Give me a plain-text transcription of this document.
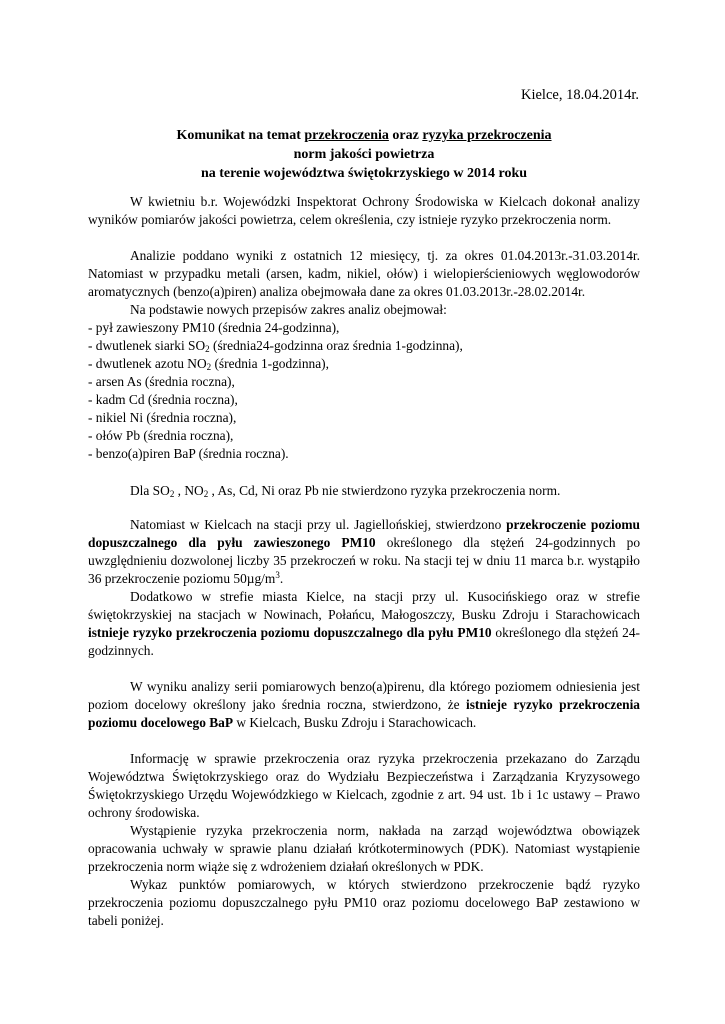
Kielce, 18.04.2014r.
Komunikat na temat przekroczenia oraz ryzyka przekroczenia
norm jakości powietrza
na terenie województwa świętokrzyskiego w 2014 roku

W kwietniu b.r. Wojewódzki Inspektorat Ochrony Środowiska w Kielcach dokonał analizy wyników pomiarów jakości powietrza, celem określenia, czy istnieje ryzyko przekroczenia norm.

Analizie poddano wyniki z ostatnich 12 miesięcy, tj. za okres 01.04.2013r.-31.03.2014r. Natomiast w przypadku metali (arsen, kadm, nikiel, ołów) i wielopierścieniowych węglowodorów aromatycznych (benzo(a)piren) analiza obejmowała dane za okres 01.03.2013r.-28.02.2014r.

Na podstawie nowych przepisów zakres analiz obejmował:

- pył zawieszony PM10 (średnia 24-godzinna),
- dwutlenek siarki $SO_2$ (średnia24-godzinna oraz średnia 1-godzinna),
- dwutlenek azotu $NO_2$ (średnia 1-godzinna),
- arsen As (średnia roczna),
- kadm Cd (średnia roczna),
- nikiel Ni (średnia roczna),
- ołów Pb (średnia roczna),
- benzo(a)piren BaP (średnia roczna).

Dla $SO_2$ , $NO_2$ , As, Cd, Ni oraz Pb nie stwierdzono ryzyka przekroczenia norm.

Natomiast w Kielcach na stacji przy ul. Jagiellońskiej, stwierdzono przekroczenie poziomu dopuszczalnego dla pyłu zawieszonego PM10 określonego dla stężeń 24-godzinnych po uwzględnieniu dozwolonej liczby 35 przekroczeń w roku. Na stacji tej w dniu 11 marca b.r. wystąpiło 36 przekroczenie poziomu $50\mu g/m^3$.

Dodatkowo w strefie miasta Kielce, na stacji przy ul. Kusocińskiego oraz w strefie świętokrzyskiej na stacjach w Nowinach, Połańcu, Małogoszczy, Busku Zdroju i Starachowicach istnieje ryzyko przekroczenia poziomu dopuszczalnego dla pyłu PM10 określonego dla stężeń 24-godzinnych.

W wyniku analizy serii pomiarowych benzo(a)pirenu, dla którego poziomem odniesienia jest poziom docelowy określony jako średnia roczna, stwierdzono, że istnieje ryzyko przekroczenia poziomu docelowego BaP w Kielcach, Busku Zdroju i Starachowicach.

Informację w sprawie przekroczenia oraz ryzyka przekroczenia przekazano do Zarządu Województwa Świętokrzyskiego oraz do Wydziału Bezpieczeństwa i Zarządzania Kryzysowego Świętokrzyskiego Urzędu Wojewódzkiego w Kielcach, zgodnie z art. 94 ust. 1b i 1c ustawy – Prawo ochrony środowiska.

Wystąpienie ryzyka przekroczenia norm, nakłada na zarząd województwa obowiązek opracowania uchwały w sprawie planu działań krótkoterminowych (PDK). Natomiast wystąpienie przekroczenia norm wiąże się z wdrożeniem działań określonych w PDK.

Wykaz punktów pomiarowych, w których stwierdzono przekroczenie bądź ryzyko przekroczenia poziomu dopuszczalnego pyłu PM10 oraz poziomu docelowego BaP zestawiono w tabeli poniżej.
